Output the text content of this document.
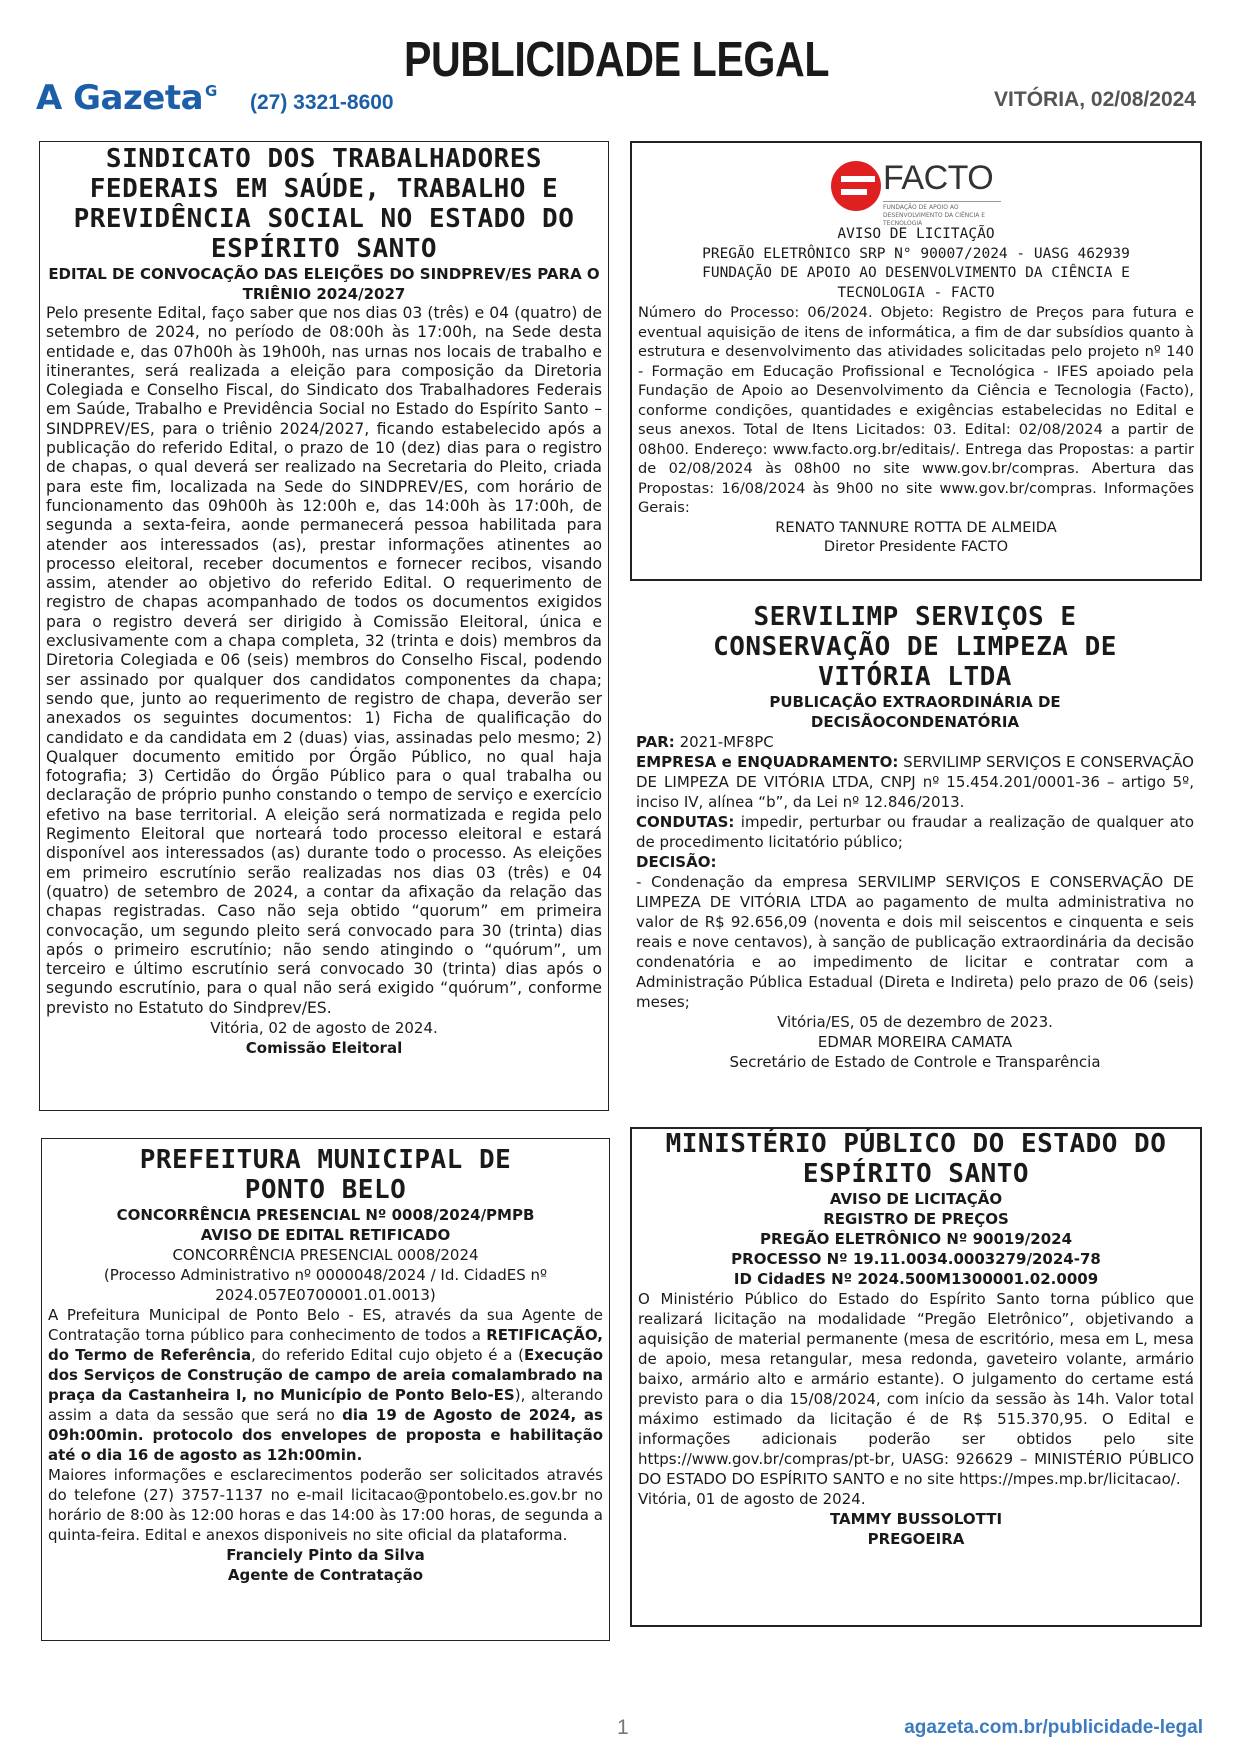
A Gazeta $^G$ (27) 3321-8600
PUBLICIDADE LEGAL
VITÓRIA, 02/08/2024
SINDICATO DOS TRABALHADORES FEDERAIS EM SAÚDE, TRABALHO E PREVIDÊNCIA SOCIAL NO ESTADO DO ESPÍRITO SANTO
EDITAL DE CONVOCAÇÃO DAS ELEIÇÕES DO SINDPREV/ES PARA O TRIÊNIO 2024/2027
Pelo presente Edital, faço saber que nos dias 03 (três) e 04 (quatro) de setembro de 2024, no período de 08:00h às 17:00h, na Sede desta entidade e, das 07h00h às 19h00h, nas urnas nos locais de trabalho e itinerantes, será realizada a eleição para composição da Diretoria Colegiada e Conselho Fiscal, do Sindicato dos Trabalhadores Federais em Saúde, Trabalho e Previdência Social no Estado do Espírito Santo – SINDPREV/ES, para o triênio 2024/2027, ficando estabelecido após a publicação do referido Edital, o prazo de 10 (dez) dias para o registro de chapas, o qual deverá ser realizado na Secretaria do Pleito, criada para este fim, localizada na Sede do SINDPREV/ES, com horário de funcionamento das 09h00h às 12:00h e, das 14:00h às 17:00h, de segunda a sexta-feira, aonde permanecerá pessoa habilitada para atender aos interessados (as), prestar informações atinentes ao processo eleitoral, receber documentos e fornecer recibos, visando assim, atender ao objetivo do referido Edital. O requerimento de registro de chapas acompanhado de todos os documentos exigidos para o registro deverá ser dirigido à Comissão Eleitoral, única e exclusivamente com a chapa completa, 32 (trinta e dois) membros da Diretoria Colegiada e 06 (seis) membros do Conselho Fiscal, podendo ser assinado por qualquer dos candidatos componentes da chapa; sendo que, junto ao requerimento de registro de chapa, deverão ser anexados os seguintes documentos: 1) Ficha de qualificação do candidato e da candidata em 2 (duas) vias, assinadas pelo mesmo; 2) Qualquer documento emitido por Órgão Público, no qual haja fotografia; 3) Certidão do Órgão Público para o qual trabalha ou declaração de próprio punho constando o tempo de serviço e exercício efetivo na base territorial. A eleição será normatizada e regida pelo Regimento Eleitoral que norteará todo processo eleitoral e estará disponível aos interessados (as) durante todo o processo. As eleições em primeiro escrutínio serão realizadas nos dias 03 (três) e 04 (quatro) de setembro de 2024, a contar da afixação da relação das chapas registradas. Caso não seja obtido “quorum” em primeira convocação, um segundo pleito será convocado para 30 (trinta) dias após o primeiro escrutínio; não sendo atingindo o “quórum”, um terceiro e último escrutínio será convocado 30 (trinta) dias após o segundo escrutínio, para o qual não será exigido “quórum”, conforme previsto no Estatuto do Sindprev/ES.
Vitória, 02 de agosto de 2024.
Comissão Eleitoral
FACTO
FUNDAÇÃO DE APOIO AO DESENVOLVIMENTO DA CIÊNCIA E TECNOLOGIA
AVISO DE LICITAÇÃO
PREGÃO ELETRÔNICO SRP N° 90007/2024 - UASG 462939
FUNDAÇÃO DE APOIO AO DESENVOLVIMENTO DA CIÊNCIA E
TECNOLOGIA - FACTO
Número do Processo: 06/2024. Objeto: Registro de Preços para futura e eventual aquisição de itens de informática, a fim de dar subsídios quanto à estrutura e desenvolvimento das atividades solicitadas pelo projeto nº 140 - Formação em Educação Profissional e Tecnológica - IFES apoiado pela Fundação de Apoio ao Desenvolvimento da Ciência e Tecnologia (Facto), conforme condições, quantidades e exigências estabelecidas no Edital e seus anexos. Total de Itens Licitados: 03. Edital: 02/08/2024 a partir de 08h00. Endereço: www.facto.org.br/editais/. Entrega das Propostas: a partir de 02/08/2024 às 08h00 no site www.gov.br/compras. Abertura das Propostas: 16/08/2024 às 9h00 no site www.gov.br/compras. Informações Gerais:
RENATO TANNURE ROTTA DE ALMEIDA
Diretor Presidente FACTO
SERVILIMP SERVIÇOS E CONSERVAÇÃO DE LIMPEZA DE VITÓRIA LTDA
PUBLICAÇÃO EXTRAORDINÁRIA DE DECISÃOCONDENATÓRIA
PAR: 2021-MF8PC
EMPRESA e ENQUADRAMENTO: SERVILIMP SERVIÇOS E CONSERVAÇÃO DE LIMPEZA DE VITÓRIA LTDA, CNPJ nº 15.454.201/0001-36 – artigo 5º, inciso IV, alínea “b”, da Lei nº 12.846/2013.
CONDUTAS: impedir, perturbar ou fraudar a realização de qualquer ato de procedimento licitatório público;
DECISÃO:
- Condenação da empresa SERVILIMP SERVIÇOS E CONSERVAÇÃO DE LIMPEZA DE VITÓRIA LTDA ao pagamento de multa administrativa no valor de R$ 92.656,09 (noventa e dois mil seiscentos e cinquenta e seis reais e nove centavos), à sanção de publicação extraordinária da decisão condenatória e ao impedimento de licitar e contratar com a Administração Pública Estadual (Direta e Indireta) pelo prazo de 06 (seis) meses;
Vitória/ES, 05 de dezembro de 2023.
EDMAR MOREIRA CAMATA
Secretário de Estado de Controle e Transparência
PREFEITURA MUNICIPAL DE PONTO BELO
CONCORRÊNCIA PRESENCIAL Nº 0008/2024/PMPB
AVISO DE EDITAL RETIFICADO
CONCORRÊNCIA PRESENCIAL 0008/2024
(Processo Administrativo nº 0000048/2024 / Id. CidadES nº 2024.057E0700001.01.0013)
A Prefeitura Municipal de Ponto Belo - ES, através da sua Agente de Contratação torna público para conhecimento de todos a RETIFICAÇÃO, do Termo de Referência, do referido Edital cujo objeto é a (Execução dos Serviços de Construção de campo de areia comalambrado na praça da Castanheira I, no Município de Ponto Belo-ES), alterando assim a data da sessão que será no dia 19 de Agosto de 2024, as 09h:00min. protocolo dos envelopes de proposta e habilitação até o dia 16 de agosto as 12h:00min.
Maiores informações e esclarecimentos poderão ser solicitados através do telefone (27) 3757-1137 no e-mail licitacao@pontobelo.es.gov.br no horário de 8:00 às 12:00 horas e das 14:00 às 17:00 horas, de segunda a quinta-feira. Edital e anexos disponiveis no site oficial da plataforma.
Franciely Pinto da Silva
Agente de Contratação
MINISTÉRIO PÚBLICO DO ESTADO DO ESPÍRITO SANTO
AVISO DE LICITAÇÃO
REGISTRO DE PREÇOS
PREGÃO ELETRÔNICO Nº 90019/2024
PROCESSO Nº 19.11.0034.0003279/2024-78
ID CidadES Nº 2024.500M1300001.02.0009
O Ministério Público do Estado do Espírito Santo torna público que realizará licitação na modalidade “Pregão Eletrônico”, objetivando a aquisição de material permanente (mesa de escritório, mesa em L, mesa de apoio, mesa retangular, mesa redonda, gaveteiro volante, armário baixo, armário alto e armário estante). O julgamento do certame está previsto para o dia 15/08/2024, com início da sessão às 14h. Valor total máximo estimado da licitação é de R$ 515.370,95. O Edital e informações adicionais poderão ser obtidos pelo site https://www.gov.br/compras/pt-br, UASG: 926629 – MINISTÉRIO PÚBLICO DO ESTADO DO ESPÍRITO SANTO e no site https://mpes.mp.br/licitacao/.
Vitória, 01 de agosto de 2024.
TAMMY BUSSOLOTTI
PREGOEIRA
1	agazeta.com.br/publicidade-legal
